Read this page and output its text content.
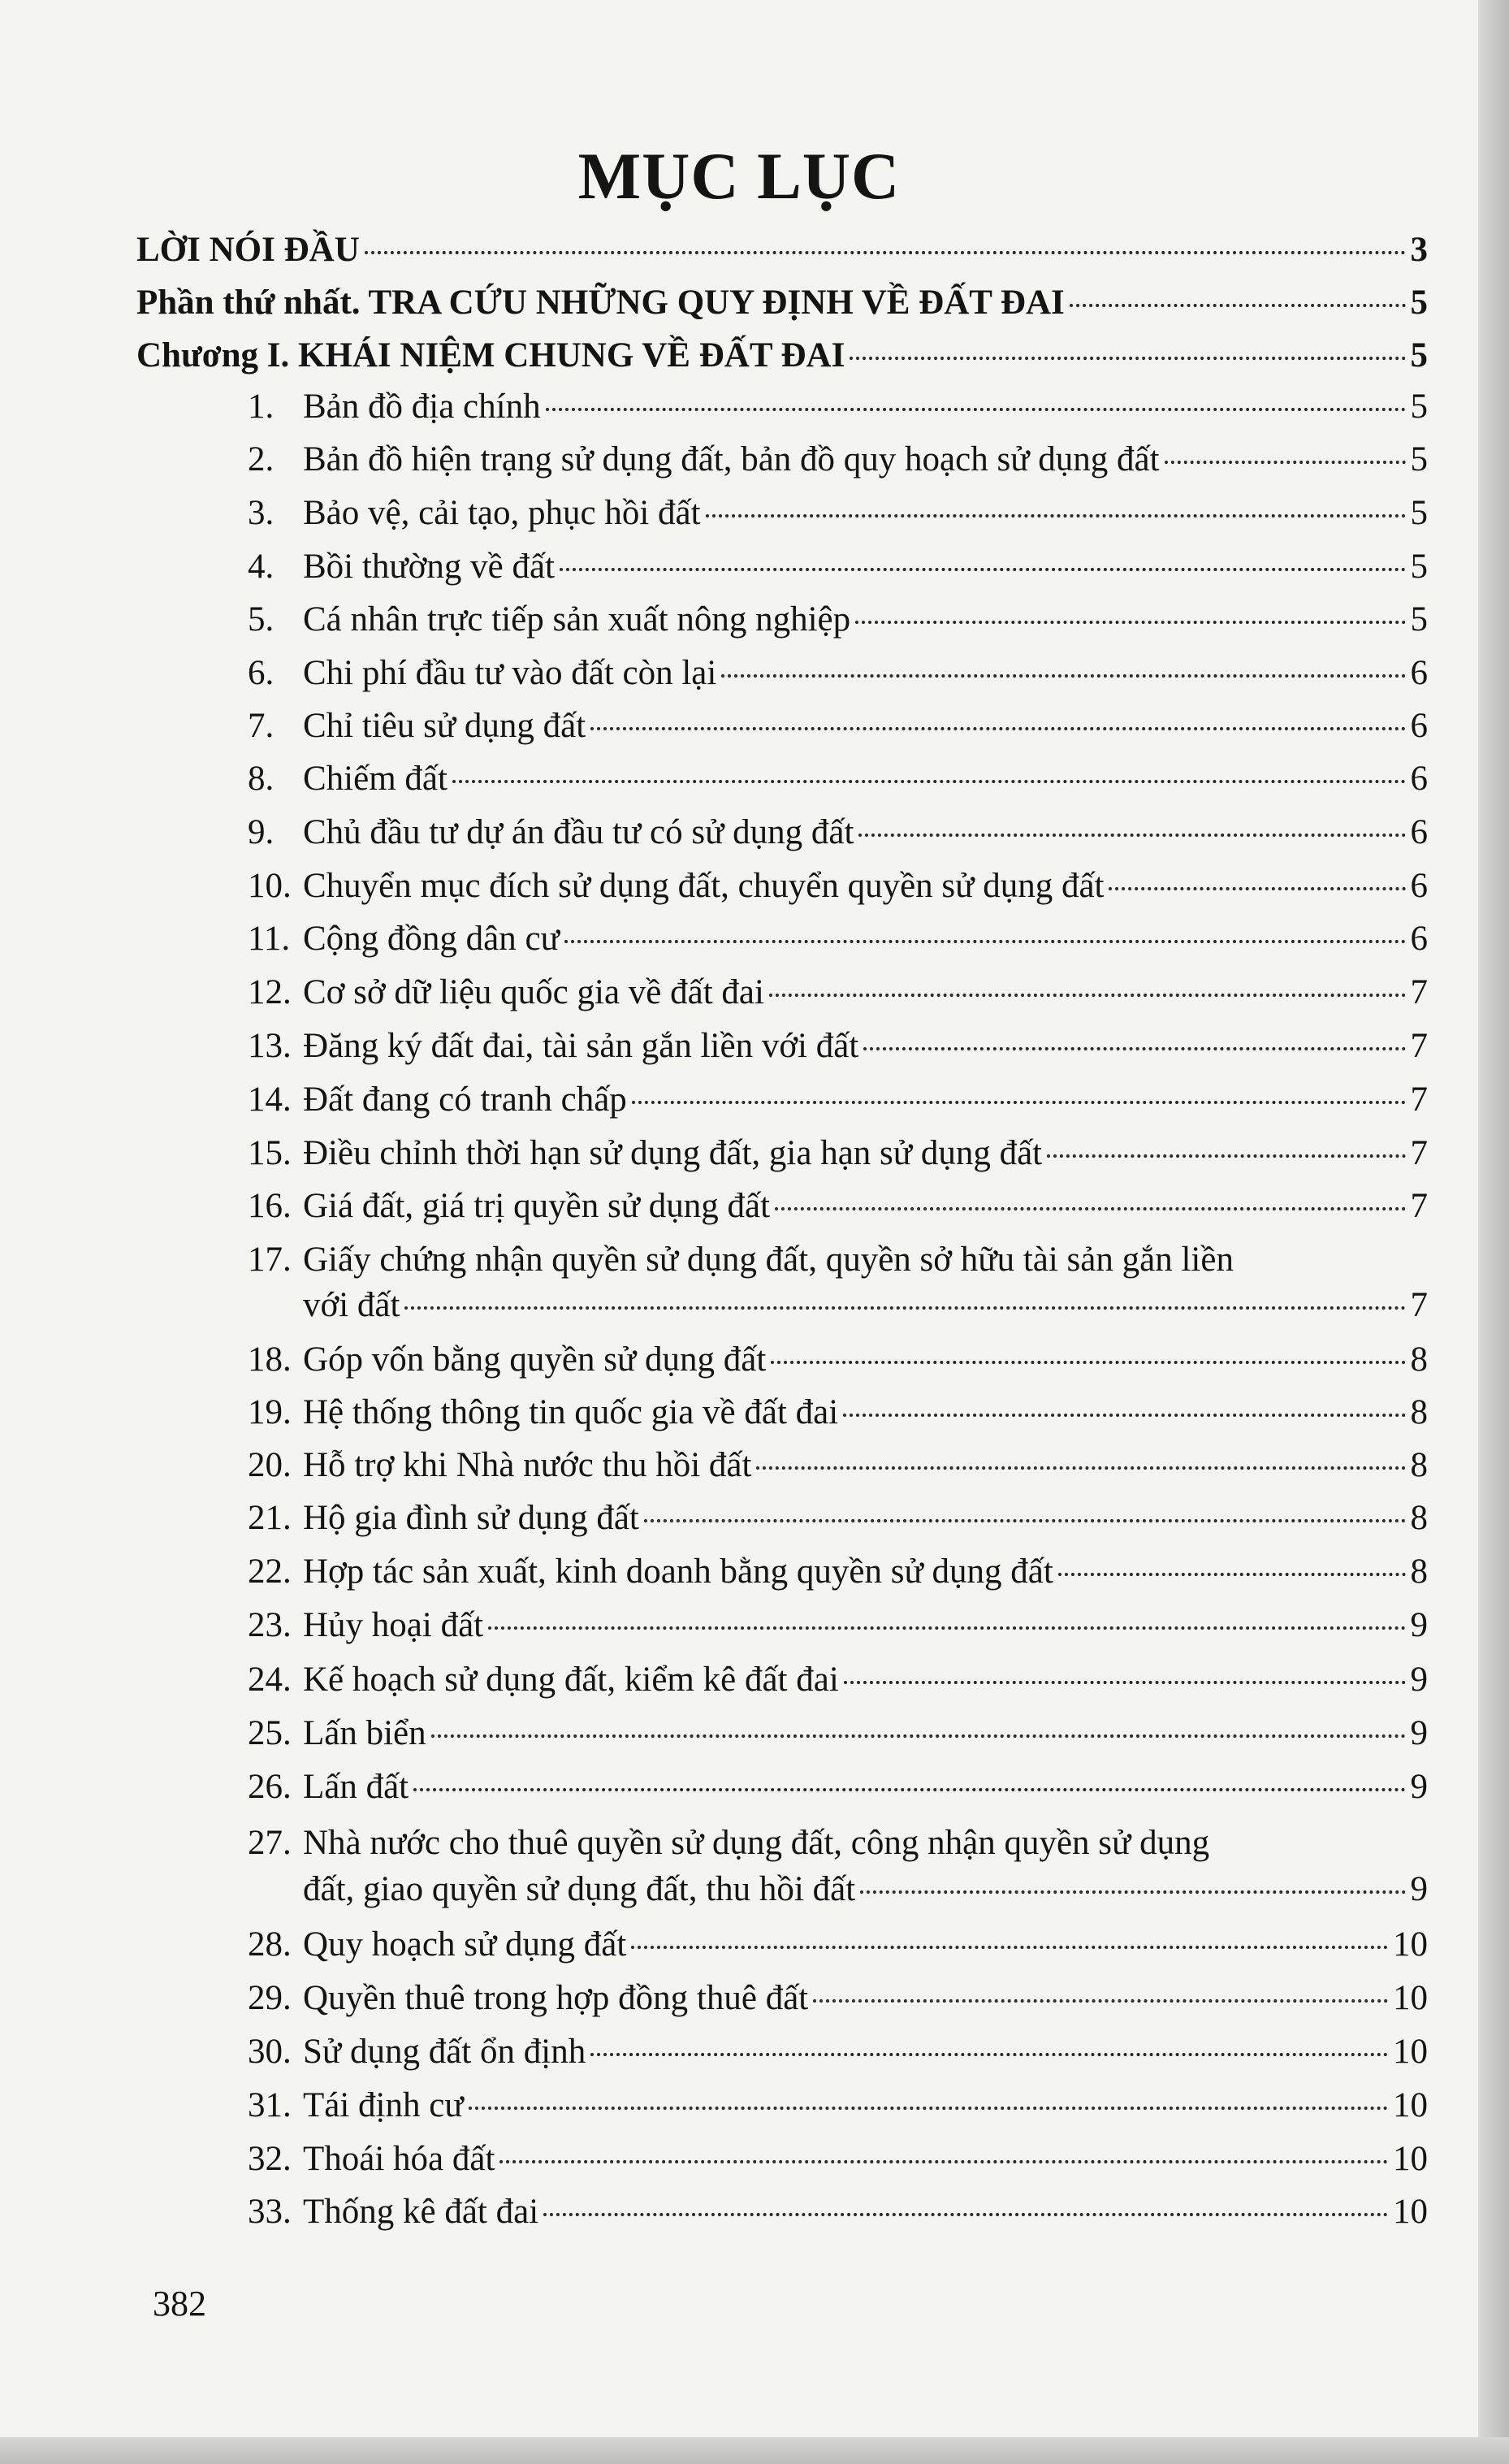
MỤC LỤC
LỜI NÓI ĐẦU	3
Phần thứ nhất. TRA CỨU NHỮNG QUY ĐỊNH VỀ ĐẤT ĐAI	5
Chương I. KHÁI NIỆM CHUNG VỀ ĐẤT ĐAI	5
1. Bản đồ địa chính	5
2. Bản đồ hiện trạng sử dụng đất, bản đồ quy hoạch sử dụng đất	5
3. Bảo vệ, cải tạo, phục hồi đất	5
4. Bồi thường về đất	5
5. Cá nhân trực tiếp sản xuất nông nghiệp	5
6. Chi phí đầu tư vào đất còn lại	6
7. Chỉ tiêu sử dụng đất	6
8. Chiếm đất	6
9. Chủ đầu tư dự án đầu tư có sử dụng đất	6
10. Chuyển mục đích sử dụng đất, chuyển quyền sử dụng đất	6
11. Cộng đồng dân cư	6
12. Cơ sở dữ liệu quốc gia về đất đai	7
13. Đăng ký đất đai, tài sản gắn liền với đất	7
14. Đất đang có tranh chấp	7
15. Điều chỉnh thời hạn sử dụng đất, gia hạn sử dụng đất	7
16. Giá đất, giá trị quyền sử dụng đất	7
17. Giấy chứng nhận quyền sử dụng đất, quyền sở hữu tài sản gắn liền
với đất	7
18. Góp vốn bằng quyền sử dụng đất	8
19. Hệ thống thông tin quốc gia về đất đai	8
20. Hỗ trợ khi Nhà nước thu hồi đất	8
21. Hộ gia đình sử dụng đất	8
22. Hợp tác sản xuất, kinh doanh bằng quyền sử dụng đất	8
23. Hủy hoại đất	9
24. Kế hoạch sử dụng đất, kiểm kê đất đai	9
25. Lấn biển	9
26. Lấn đất	9
27. Nhà nước cho thuê quyền sử dụng đất, công nhận quyền sử dụng
đất, giao quyền sử dụng đất, thu hồi đất	9
28. Quy hoạch sử dụng đất	10
29. Quyền thuê trong hợp đồng thuê đất	10
30. Sử dụng đất ổn định	10
31. Tái định cư	10
32. Thoái hóa đất	10
33. Thống kê đất đai	10
382
